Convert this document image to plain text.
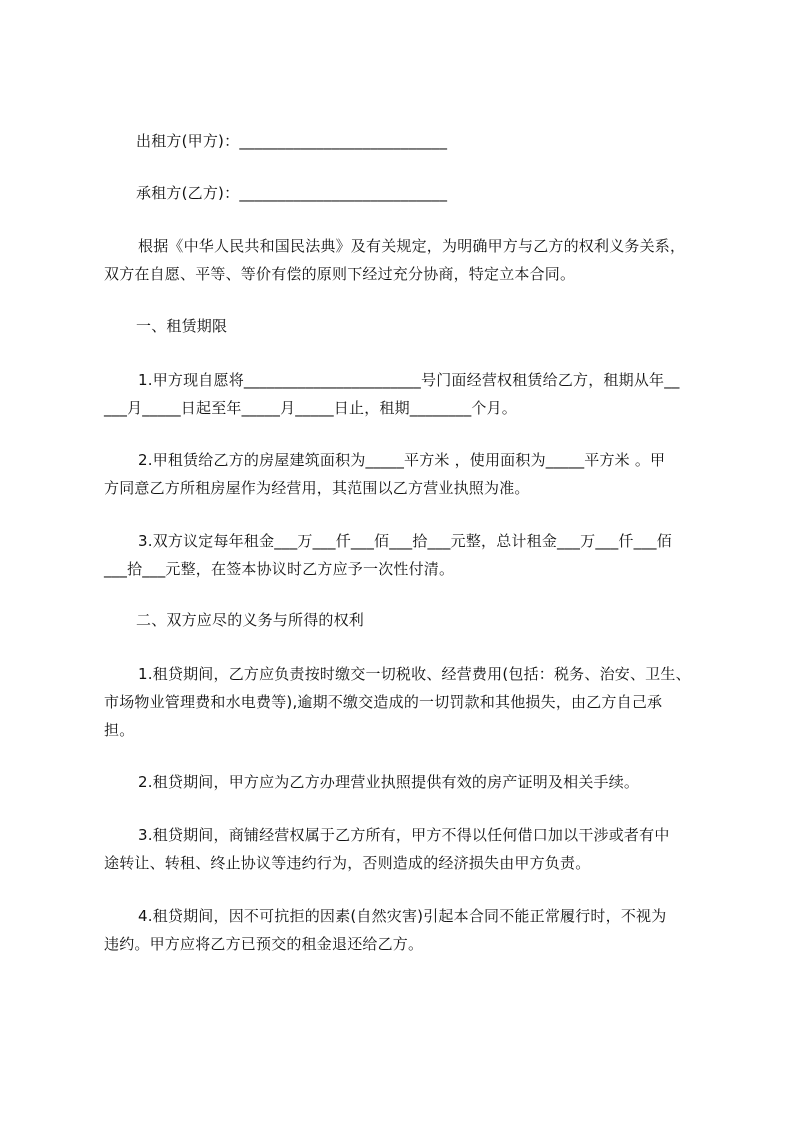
出租方(甲方)：___________________________
承租方(乙方)：___________________________
根据《中华人民共和国民法典》及有关规定，为明确甲方与乙方的权利义务关系，
双方在自愿、平等、等价有偿的原则下经过充分协商，特定立本合同。
一、租赁期限
1.甲方现自愿将_______________________号门面经营权租赁给乙方，租期从年__
___月_____日起至年_____月_____日止，租期________个月。
2.甲租赁给乙方的房屋建筑面积为_____平方米 ，使用面积为_____平方米 。甲
方同意乙方所租房屋作为经营用，其范围以乙方营业执照为准。
3.双方议定每年租金___万___仟___佰___拾___元整，总计租金___万___仟___佰
___拾___元整，在签本协议时乙方应予一次性付清。
二、双方应尽的义务与所得的权利
1.租贷期间，乙方应负责按时缴交一切税收、经营费用(包括：税务、治安、卫生、
市场物业管理费和水电费等),逾期不缴交造成的一切罚款和其他损失，由乙方自己承
担。
2.租贷期间，甲方应为乙方办理营业执照提供有效的房产证明及相关手续。
3.租贷期间，商铺经营权属于乙方所有，甲方不得以任何借口加以干涉或者有中
途转让、转租、终止协议等违约行为，否则造成的经济损失由甲方负责。
4.租贷期间，因不可抗拒的因素(自然灾害)引起本合同不能正常履行时，不视为
违约。甲方应将乙方已预交的租金退还给乙方。
